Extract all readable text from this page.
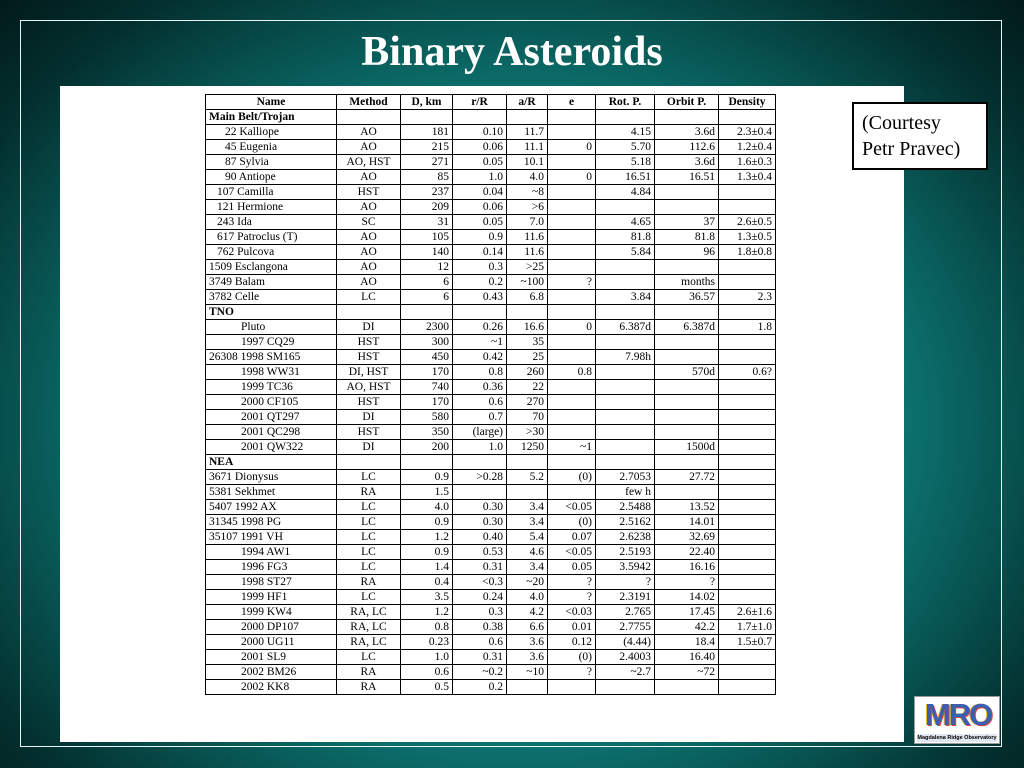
Binary Asteroids
Name	Method	D, km	r/R	a/R	e	Rot. P.	Orbit P.	Density
Main Belt/Trojan								
22 Kalliope	AO	181	0.10	11.7		4.15	3.6d	2.3±0.4
45 Eugenia	AO	215	0.06	11.1	0	5.70	112.6	1.2±0.4
87 Sylvia	AO, HST	271	0.05	10.1		5.18	3.6d	1.6±0.3
90 Antiope	AO	85	1.0	4.0	0	16.51	16.51	1.3±0.4
107 Camilla	HST	237	0.04	~8		4.84		
121 Hermione	AO	209	0.06	>6				
243 Ida	SC	31	0.05	7.0		4.65	37	2.6±0.5
617 Patroclus (T)	AO	105	0.9	11.6		81.8	81.8	1.3±0.5
762 Pulcova	AO	140	0.14	11.6		5.84	96	1.8±0.8
1509 Esclangona	AO	12	0.3	>25				
3749 Balam	AO	6	0.2	~100	?		months	
3782 Celle	LC	6	0.43	6.8		3.84	36.57	2.3
TNO								
Pluto	DI	2300	0.26	16.6	0	6.387d	6.387d	1.8
1997 CQ29	HST	300	~1	35				
26308 1998 SM165	HST	450	0.42	25		7.98h		
1998 WW31	DI, HST	170	0.8	260	0.8		570d	0.6?
1999 TC36	AO, HST	740	0.36	22				
2000 CF105	HST	170	0.6	270				
2001 QT297	DI	580	0.7	70				
2001 QC298	HST	350	(large)	>30				
2001 QW322	DI	200	1.0	1250	~1		1500d	
NEA								
3671 Dionysus	LC	0.9	>0.28	5.2	(0)	2.7053	27.72	
5381 Sekhmet	RA	1.5				few h		
5407 1992 AX	LC	4.0	0.30	3.4	<0.05	2.5488	13.52	
31345 1998 PG	LC	0.9	0.30	3.4	(0)	2.5162	14.01	
35107 1991 VH	LC	1.2	0.40	5.4	0.07	2.6238	32.69	
1994 AW1	LC	0.9	0.53	4.6	<0.05	2.5193	22.40	
1996 FG3	LC	1.4	0.31	3.4	0.05	3.5942	16.16	
1998 ST27	RA	0.4	<0.3	~20	?	?	?	
1999 HF1	LC	3.5	0.24	4.0	?	2.3191	14.02	
1999 KW4	RA, LC	1.2	0.3	4.2	<0.03	2.765	17.45	2.6±1.6
2000 DP107	RA, LC	0.8	0.38	6.6	0.01	2.7755	42.2	1.7±1.0
2000 UG11	RA, LC	0.23	0.6	3.6	0.12	(4.44)	18.4	1.5±0.7
2001 SL9	LC	1.0	0.31	3.6	(0)	2.4003	16.40	
2002 BM26	RA	0.6	~0.2	~10	?	~2.7	~72	
2002 KK8	RA	0.5	0.2					
(Courtesy
Petr Pravec)
MRO
Magdalena Ridge Observatory
